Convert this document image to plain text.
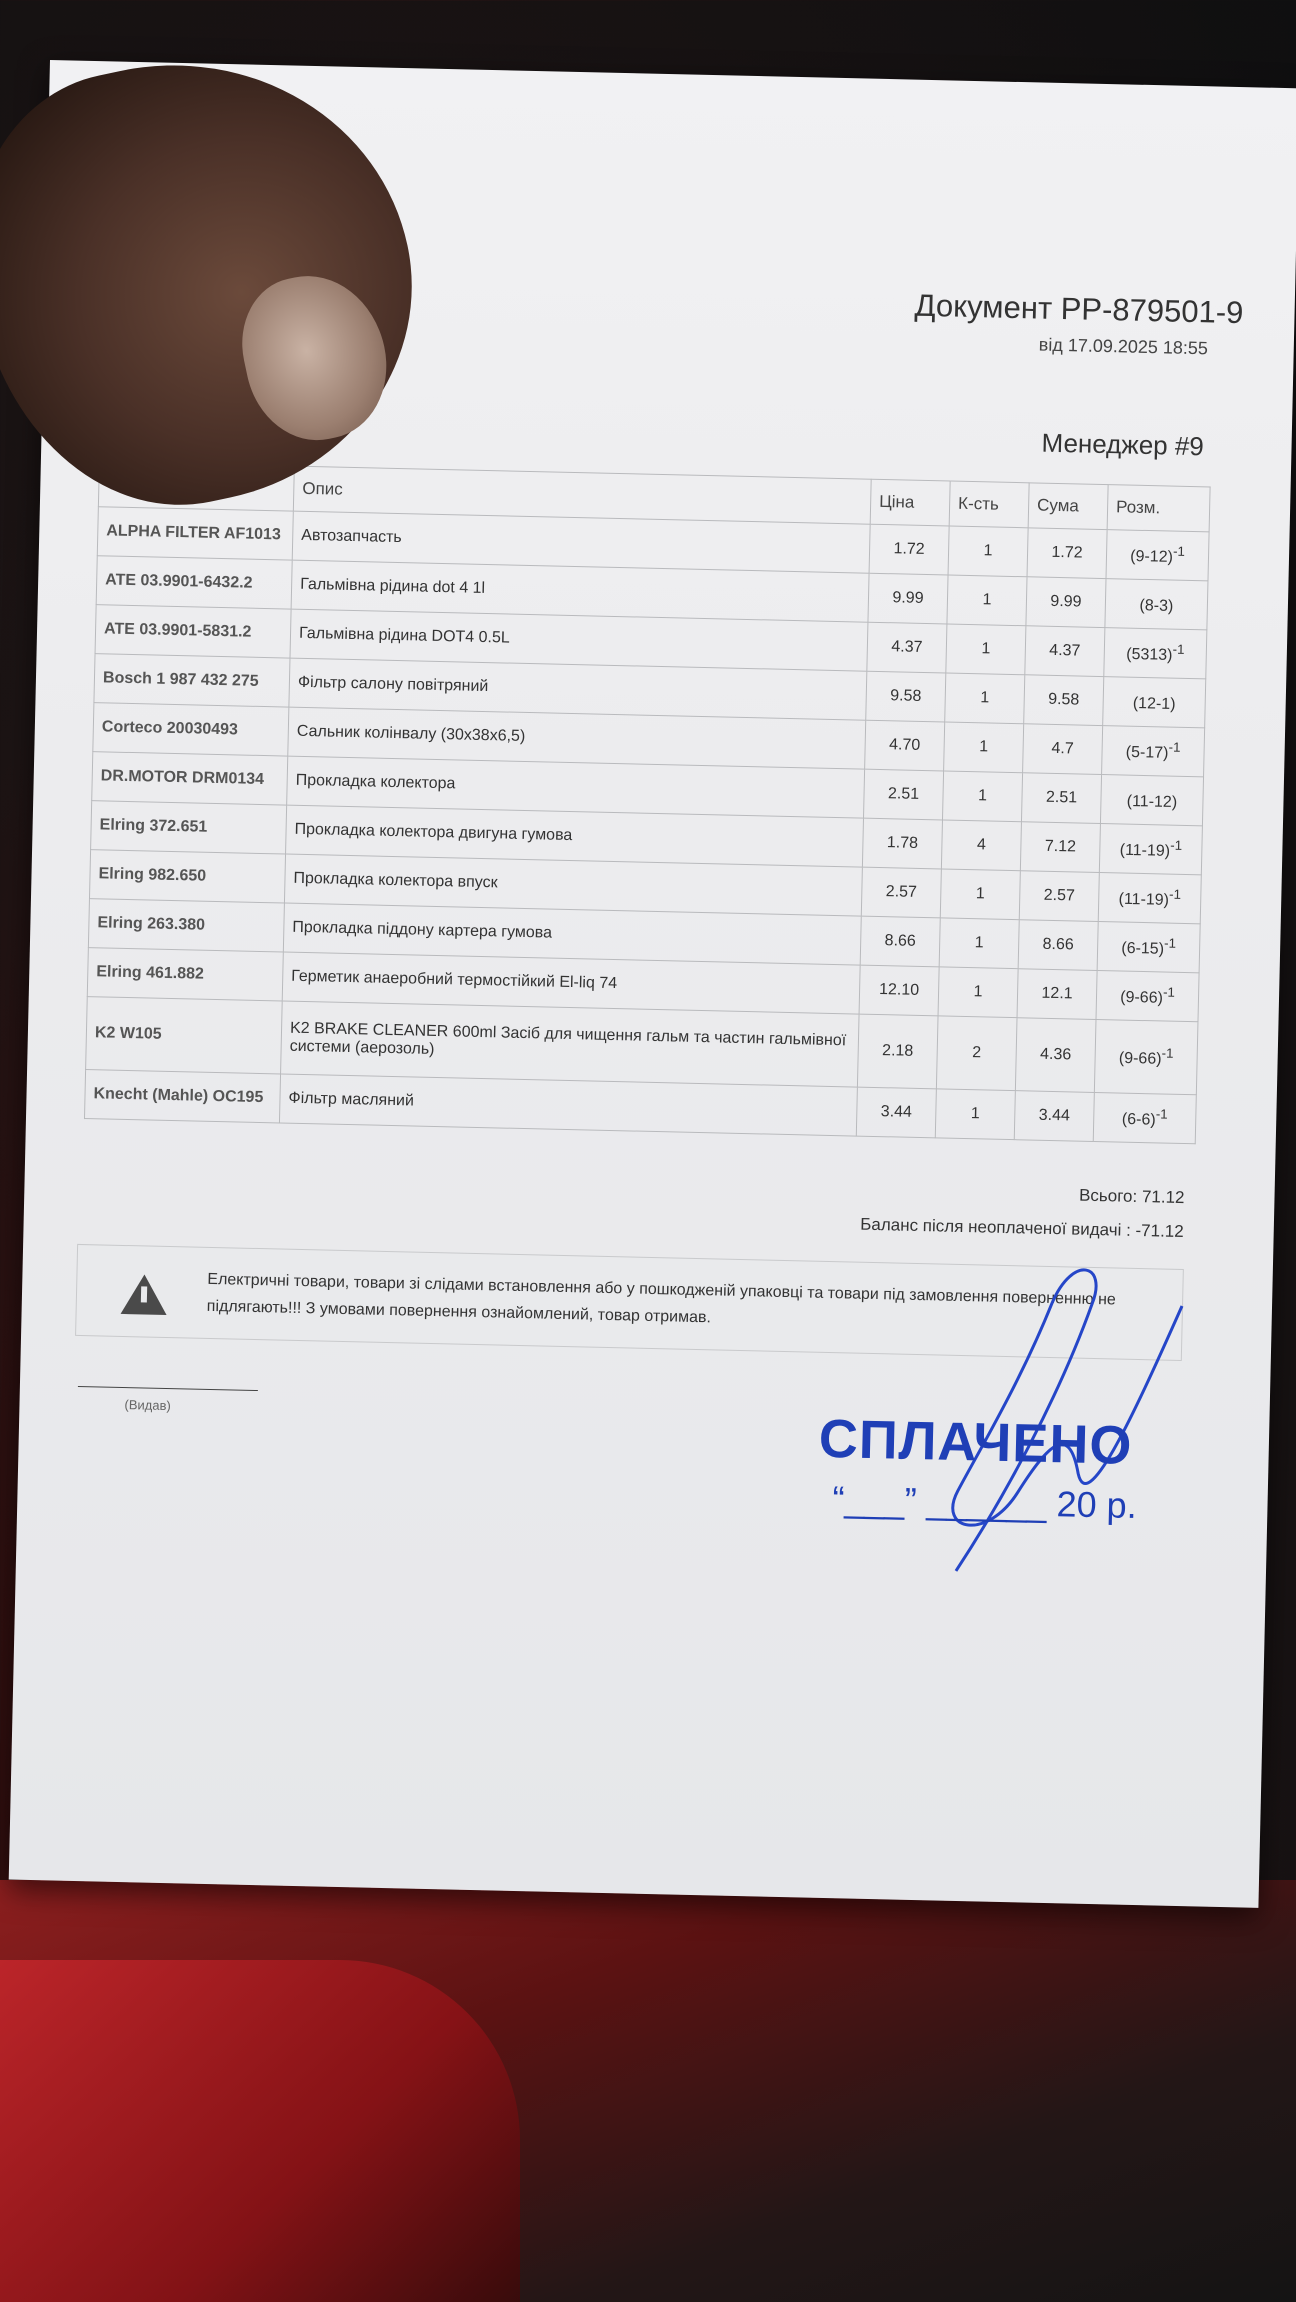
Документ РР-879501-9
від 17.09.2025 18:55
Менеджер #9
	Опис	Ціна	К-сть	Сума	Розм.
ALPHA FILTER AF1013	Автозапчасть	1.72	1	1.72	$(9-12)^{-1}$
ATE 03.9901-6432.2	Гальмівна рідина dot 4 1l	9.99	1	9.99	(8-3)
ATE 03.9901-5831.2	Гальмівна рідина DOT4 0.5L	4.37	1	4.37	$(5313)^{-1}$
Bosch 1 987 432 275	Фільтр салону повітряний	9.58	1	9.58	(12-1)
Corteco 20030493	Сальник колінвалу (30x38x6,5)	4.70	1	4.7	$(5-17)^{-1}$
DR.MOTOR DRM0134	Прокладка колектора	2.51	1	2.51	(11-12)
Elring 372.651	Прокладка колектора двигуна гумова	1.78	4	7.12	$(11-19)^{-1}$
Elring 982.650	Прокладка колектора впуск	2.57	1	2.57	$(11-19)^{-1}$
Elring 263.380	Прокладка піддону картера гумова	8.66	1	8.66	$(6-15)^{-1}$
Elring 461.882	Герметик анаеробний термостійкий El-liq 74	12.10	1	12.1	$(9-66)^{-1}$
K2 W105	K2 BRAKE CLEANER 600ml Засіб для чищення гальм та частин гальмівної системи (аерозоль)	2.18	2	4.36	$(9-66)^{-1}$
Knecht (Mahle) OC195	Фільтр масляний	3.44	1	3.44	$(6-6)^{-1}$
Всього: 71.12
Баланс після неоплаченої видачі : -71.12
Електричні товари, товари зі слідами встановлення або у пошкодженій упаковці та товари під замовлення поверненню не підлягають!!! З умовами повернення ознайомлений, товар отримав.
(Видав)
СПЛАЧЕНО
“___” ______ 20 р.
